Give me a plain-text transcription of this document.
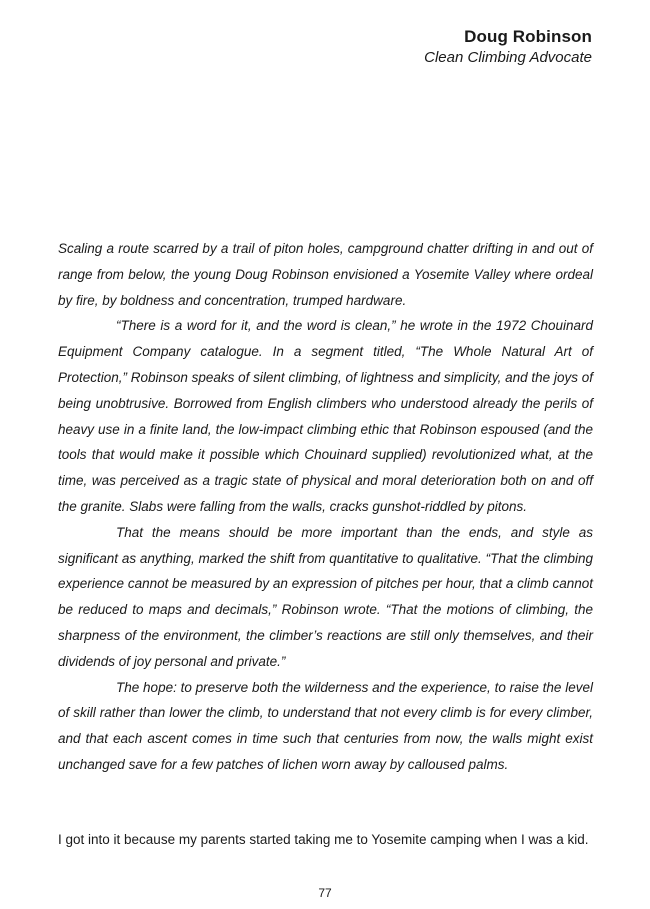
Doug Robinson
Clean Climbing Advocate

Scaling a route scarred by a trail of piton holes, campground chatter drifting in and out of range from below, the young Doug Robinson envisioned a Yosemite Valley where ordeal by fire, by boldness and concentration, trumped hardware.

“There is a word for it, and the word is clean,” he wrote in the 1972 Chouinard Equipment Company catalogue. In a segment titled, “The Whole Natural Art of Protection,” Robinson speaks of silent climbing, of lightness and simplicity, and the joys of being unobtrusive. Borrowed from English climbers who understood already the perils of heavy use in a finite land, the low-impact climbing ethic that Robinson espoused (and the tools that would make it possible which Chouinard supplied) revolutionized what, at the time, was perceived as a tragic state of physical and moral deterioration both on and off the granite. Slabs were falling from the walls, cracks gunshot-riddled by pitons.

That the means should be more important than the ends, and style as significant as anything, marked the shift from quantitative to qualitative. “That the climbing experience cannot be measured by an expression of pitches per hour, that a climb cannot be reduced to maps and decimals,” Robinson wrote. “That the motions of climbing, the sharpness of the environment, the climber’s reactions are still only themselves, and their dividends of joy personal and private.”

The hope: to preserve both the wilderness and the experience, to raise the level of skill rather than lower the climb, to understand that not every climb is for every climber, and that each ascent comes in time such that centuries from now, the walls might exist unchanged save for a few patches of lichen worn away by calloused palms.

I got into it because my parents started taking me to Yosemite camping when I was a kid.
77
